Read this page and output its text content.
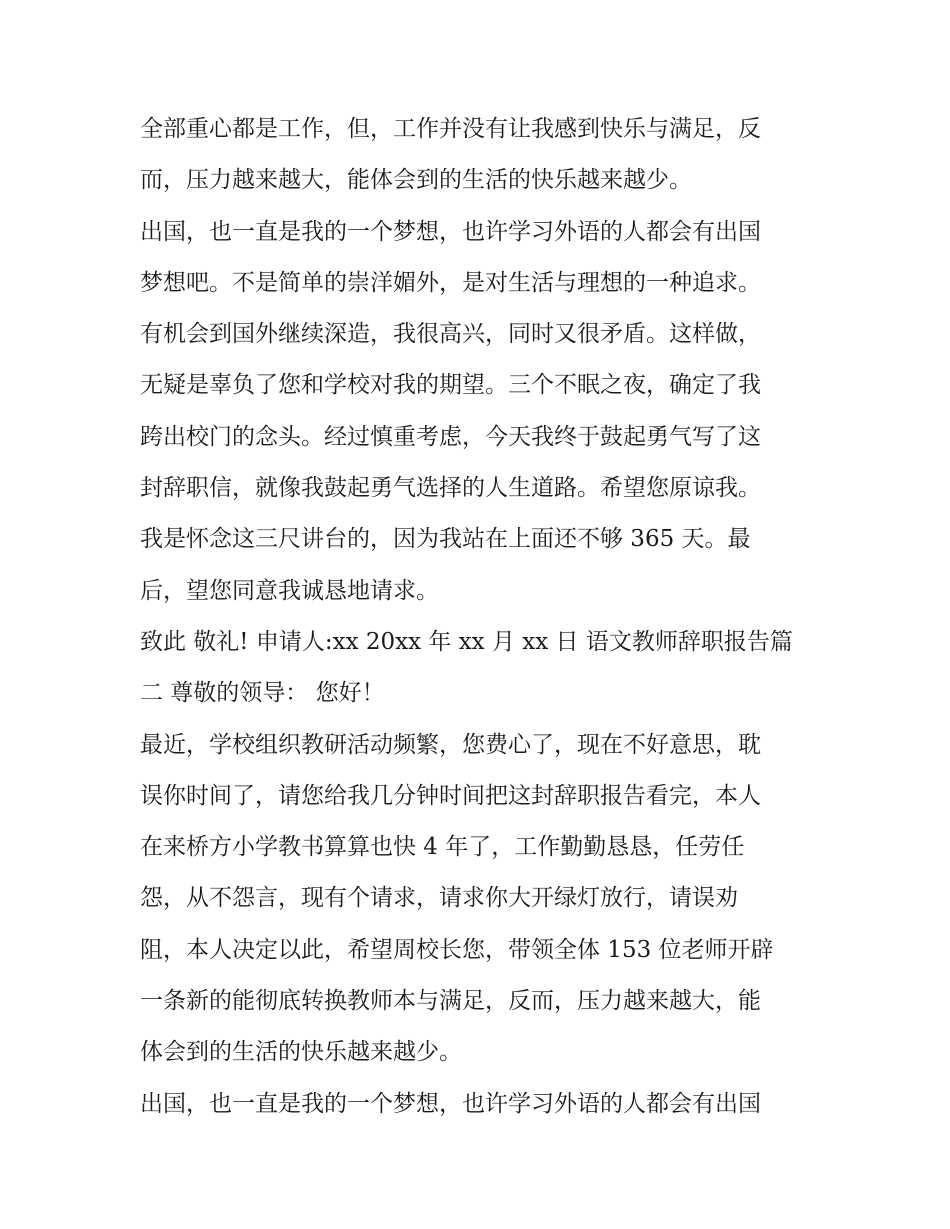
全部重心都是工作，但，工作并没有让我感到快乐与满足，反
而，压力越来越大，能体会到的生活的快乐越来越少。
出国，也一直是我的一个梦想，也许学习外语的人都会有出国
梦想吧。不是简单的崇洋媚外，是对生活与理想的一种追求。
有机会到国外继续深造，我很高兴，同时又很矛盾。这样做，
无疑是辜负了您和学校对我的期望。三个不眠之夜，确定了我
跨出校门的念头。经过慎重考虑，今天我终于鼓起勇气写了这
封辞职信，就像我鼓起勇气选择的人生道路。希望您原谅我。
我是怀念这三尺讲台的，因为我站在上面还不够 365 天。最
后，望您同意我诚恳地请求。
致此 敬礼! 申请人:xx 20xx 年 xx 月 xx 日 语文教师辞职报告篇
二 尊敬的领导： 您好！
最近，学校组织教研活动频繁，您费心了，现在不好意思，耽
误你时间了，请您给我几分钟时间把这封辞职报告看完，本人
在来桥方小学教书算算也快 4 年了，工作勤勤恳恳，任劳任
怨，从不怨言，现有个请求，请求你大开绿灯放行，请误劝
阻，本人决定以此，希望周校长您，带领全体 153 位老师开辟
一条新的能彻底转换教师本与满足，反而，压力越来越大，能
体会到的生活的快乐越来越少。
出国，也一直是我的一个梦想，也许学习外语的人都会有出国
